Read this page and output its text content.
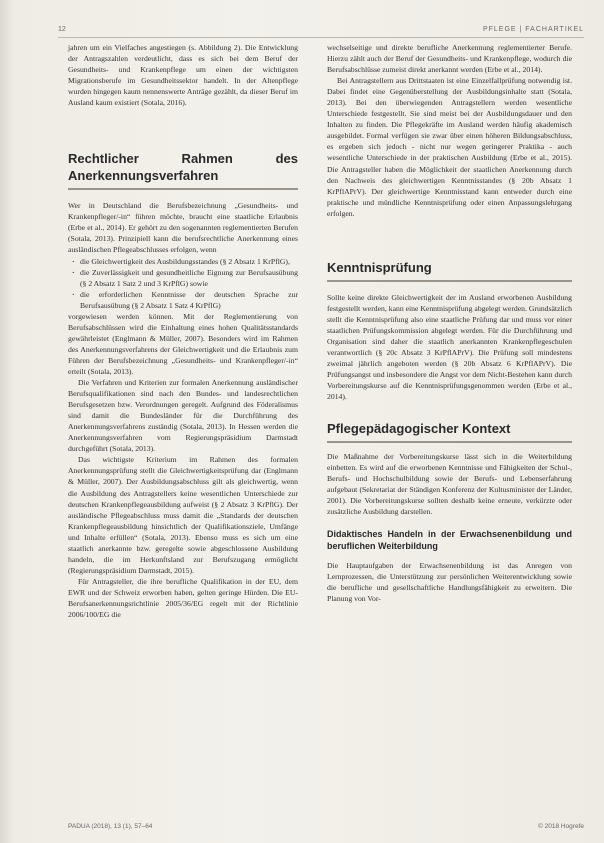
12	PFLEGE | FACHARTIKEL

jahren um ein Vielfaches angestiegen (s. Abbildung 2). Die Entwicklung der Antragszahlen verdeutlicht, dass es sich bei dem Beruf der Gesundheits- und Krankenpflege um einen der wichtigsten Migrationsberufe im Gesundheitssektor handelt. In der Altenpflege wurden hingegen kaum nennenswerte Anträge gezählt, da dieser Beruf im Ausland kaum existiert (Sotala, 2016).

Rechtlicher Rahmen des Anerkennungsverfahren

Wer in Deutschland die Berufsbezeichnung „Gesundheits- und Krankenpfleger/-in“ führen möchte, braucht eine staatliche Erlaubnis (Erbe et al., 2014). Er gehört zu den sogenannten reglementierten Berufen (Sotala, 2013). Prinzipiell kann die berufsrechtliche Anerkennung eines ausländischen Pflegeabschlusses erfolgen, wenn

· die Gleichwertigkeit des Ausbildungsstandes (§ 2 Absatz 1 KrPflG),
· die Zuverlässigkeit und gesundheitliche Eignung zur Berufsausübung (§ 2 Absatz 1 Satz 2 und 3 KrPflG) sowie
· die erforderlichen Kenntnisse der deutschen Sprache zur Berufsausübung (§ 2 Absatz 1 Satz 4 KrPflG)

vorgewiesen werden können. Mit der Reglementierung von Berufsabschlüssen wird die Einhaltung eines hohen Qualitätsstandards gewährleistet (Englmann & Müller, 2007). Besonders wird im Rahmen des Anerkennungsverfahrens der Gleichwertigkeit und die Erlaubnis zum Führen der Berufsbezeichnung „Gesundheits- und Krankenpfleger/-in“ erteilt (Sotala, 2013).

Die Verfahren und Kriterien zur formalen Anerkennung ausländischer Berufsqualifikationen sind nach den Bundes- und landesrechtlichen Berufsgesetzen bzw. Verordnungen geregelt. Aufgrund des Föderalismus sind damit die Bundesländer für die Durchführung des Anerkennungsverfahrens zuständig (Sotala, 2013). In Hessen werden die Anerkennungsverfahren vom Regierungspräsidium Darmstadt durchgeführt (Sotala, 2013).

Das wichtigste Kriterium im Rahmen des formalen Anerkennungsprüfung stellt die Gleichwertigkeitsprüfung dar (Englmann & Müller, 2007). Der Ausbildungsabschluss gilt als gleichwertig, wenn die Ausbildung des Antragstellers keine wesentlichen Unterschiede zur deutschen Krankenpflegeausbildung aufweist (§ 2 Absatz 3 KrPflG). Der ausländische Pflegeabschluss muss damit die „Standards der deutschen Krankenpflegeausbildung hinsichtlich der Qualifikationsziele, Umfänge und Inhalte erfüllen“ (Sotala, 2013). Ebenso muss es sich um eine staatlich anerkannte bzw. geregelte sowie abgeschlossene Ausbildung handeln, die im Herkunftsland zur Berufszugang ermöglicht (Regierungspräsidium Darmstadt, 2015).

Für Antragsteller, die ihre berufliche Qualifikation in der EU, dem EWR und der Schweiz erworben haben, gelten geringe Hürden. Die EU-Berufsanerkennungsrichtlinie 2005/36/EG regelt mit der Richtlinie 2006/100/EG die

wechselseitige und direkte berufliche Anerkennung reglementierter Berufe. Hierzu zählt auch der Beruf der Gesundheits- und Krankenpflege, wodurch die Berufsabschlüsse zumeist direkt anerkannt werden (Erbe et al., 2014).

Bei Antragstellern aus Drittstaaten ist eine Einzelfallprüfung notwendig ist. Dabei findet eine Gegenüberstellung der Ausbildungsinhalte statt (Sotala, 2013). Bei den überwiegenden Antragstellern werden wesentliche Unterschiede festgestellt. Sie sind meist bei der Ausbildungsdauer und den Inhalten zu finden. Die Pflegekräfte im Ausland werden häufig akademisch ausgebildet. Formal verfügen sie zwar über einen höheren Bildungsabschluss, es ergeben sich jedoch - nicht nur wegen geringerer Praktika - auch wesentliche Unterschiede in der praktischen Ausbildung (Erbe et al., 2015). Die Antragsteller haben die Möglichkeit der staatlichen Anerkennung durch den Nachweis des gleichwertigen Kenntnisstandes (§ 20b Absatz 1 KrPflAPrV). Der gleichwertige Kenntnisstand kann entweder durch eine praktische und mündliche Kenntnisprüfung oder einen Anpassungslehrgang erfolgen.

Kenntnisprüfung

Sollte keine direkte Gleichwertigkeit der im Ausland erworbenen Ausbildung festgestellt werden, kann eine Kenntnisprüfung abgelegt werden. Grundsätzlich stellt die Kenntnisprüfung also eine staatliche Prüfung dar und muss vor einer staatlichen Prüfungskommission abgelegt werden. Für die Durchführung und Organisation sind daher die staatlich anerkannten Krankenpflegeschulen verantwortlich (§ 20c Absatz 3 KrPflAPrV). Die Prüfung soll mindestens zweimal jährlich angeboten werden (§ 20b Absatz 6 KrPflAPrV). Die Prüfungsangst und insbesondere die Angst vor dem Nicht-Bestehen kann durch Vorbereitungskurse auf die Kenntnisprüfungsgenommen werden (Erbe et al., 2014).

Pflegepädagogischer Kontext

Die Maßnahme der Vorbereitungskurse lässt sich in die Weiterbildung einbetten. Es wird auf die erworbenen Kenntnisse und Fähigkeiten der Schul-, Berufs- und Hochschulbildung sowie der Berufs- und Lebenserfahrung aufgebaut (Sekretariat der Ständigen Konferenz der Kultusminister der Länder, 2001). Die Vorbereitungskurse sollten deshalb keine erneute, verkürzte oder zusätzliche Ausbildung darstellen.

Didaktisches Handeln in der Erwachsenenbildung und beruflichen Weiterbildung

Die Hauptaufgaben der Erwachsenenbildung ist das Anregen von Lernprozessen, die Unterstützung zur persönlichen Weiterentwicklung sowie die berufliche und gesellschaftliche Handlungsfähigkeit zu erweitern. Die Planung von Vor-

PADUA (2018), 13 (1), 57–64	© 2018 Hogrefe
